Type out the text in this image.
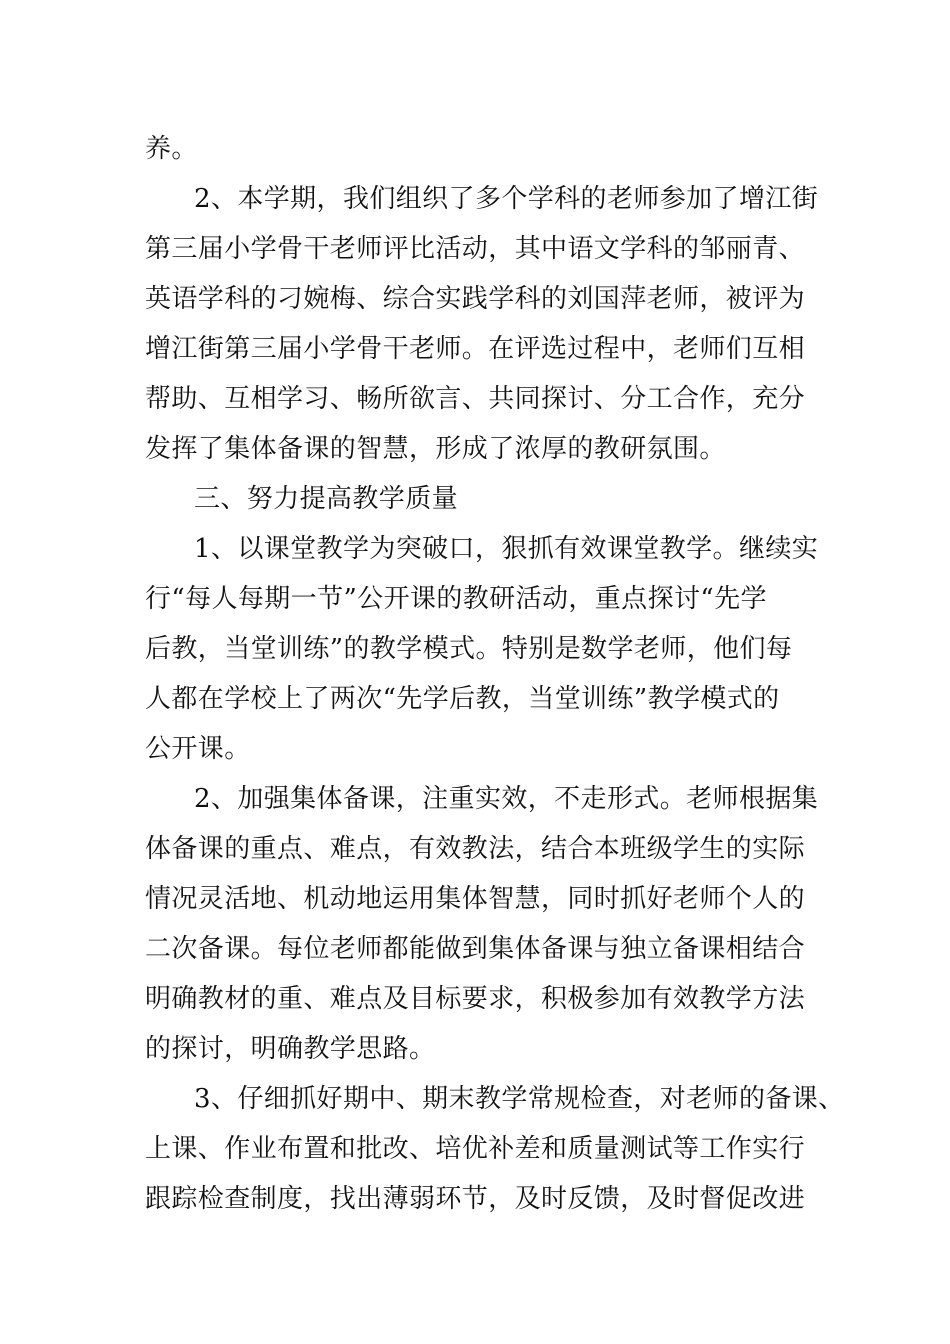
养。
2、本学期，我们组织了多个学科的老师参加了增江街
第三届小学骨干老师评比活动，其中语文学科的邹丽青、
英语学科的刁婉梅、综合实践学科的刘国萍老师，被评为
增江街第三届小学骨干老师。在评选过程中，老师们互相
帮助、互相学习、畅所欲言、共同探讨、分工合作，充分
发挥了集体备课的智慧，形成了浓厚的教研氛围。
三、努力提高教学质量
1、以课堂教学为突破口，狠抓有效课堂教学。继续实
行“每人每期一节”公开课的教研活动，重点探讨“先学
后教，当堂训练”的教学模式。特别是数学老师，他们每
人都在学校上了两次“先学后教，当堂训练”教学模式的
公开课。
2、加强集体备课，注重实效，不走形式。老师根据集
体备课的重点、难点，有效教法，结合本班级学生的实际
情况灵活地、机动地运用集体智慧，同时抓好老师个人的
二次备课。每位老师都能做到集体备课与独立备课相结合
明确教材的重、难点及目标要求，积极参加有效教学方法
的探讨，明确教学思路。
3、仔细抓好期中、期末教学常规检查，对老师的备课、
上课、作业布置和批改、培优补差和质量测试等工作实行
跟踪检查制度，找出薄弱环节，及时反馈，及时督促改进
